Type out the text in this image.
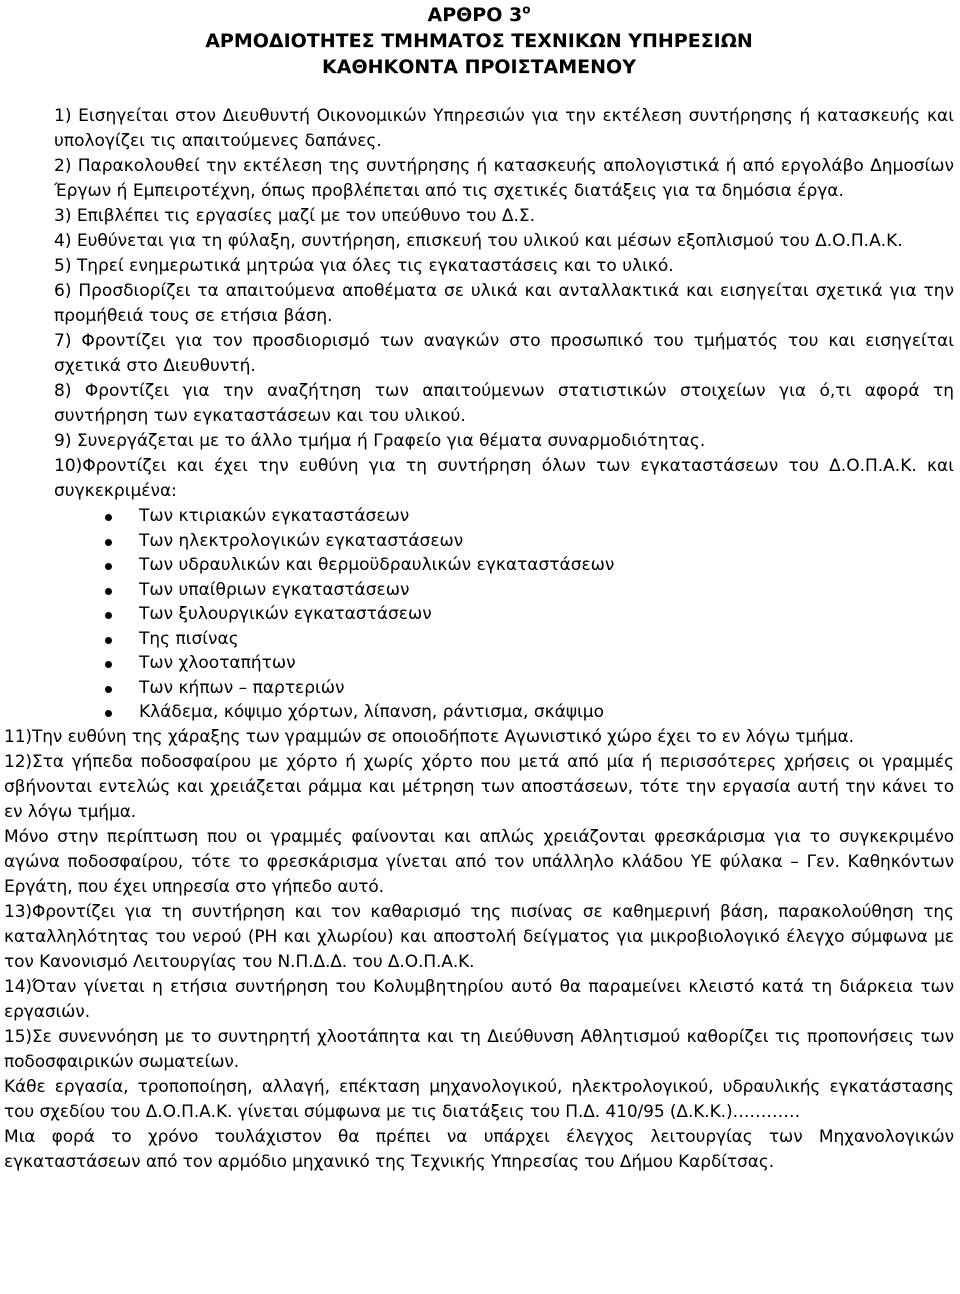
ΑΡΘΡΟ $3^o$
ΑΡΜΟΔΙΟΤΗΤΕΣ ΤΜΗΜΑΤΟΣ ΤΕΧΝΙΚΩΝ ΥΠΗΡΕΣΙΩΝ
ΚΑΘΗΚΟΝΤΑ ΠΡΟΙΣΤΑΜΕΝΟΥ
1) Εισηγείται στον Διευθυντή Οικονομικών Υπηρεσιών για την εκτέλεση συντήρησης ή κατασκευής και υπολογίζει τις απαιτούμενες δαπάνες.
2) Παρακολουθεί την εκτέλεση της συντήρησης ή κατασκευής απολογιστικά ή από εργολάβο Δημοσίων Έργων ή Εμπειροτέχνη, όπως προβλέπεται από τις σχετικές διατάξεις για τα δημόσια έργα.
3) Επιβλέπει τις εργασίες μαζί με τον υπεύθυνο του Δ.Σ.
4) Ευθύνεται για τη φύλαξη, συντήρηση, επισκευή του υλικού και μέσων εξοπλισμού του Δ.Ο.Π.Α.Κ.
5) Τηρεί ενημερωτικά μητρώα για όλες τις εγκαταστάσεις και το υλικό.
6) Προσδιορίζει τα απαιτούμενα αποθέματα σε υλικά και ανταλλακτικά και εισηγείται σχετικά για την προμήθειά τους σε ετήσια βάση.
7) Φροντίζει για τον προσδιορισμό των αναγκών στο προσωπικό του τμήματός του και εισηγείται σχετικά στο Διευθυντή.
8) Φροντίζει για την αναζήτηση των απαιτούμενων στατιστικών στοιχείων για ό,τι αφορά τη συντήρηση των εγκαταστάσεων και του υλικού.
9) Συνεργάζεται με το άλλο τμήμα ή Γραφείο για θέματα συναρμοδιότητας.
10)Φροντίζει και έχει την ευθύνη για τη συντήρηση όλων των εγκαταστάσεων του Δ.Ο.Π.Α.Κ. και συγκεκριμένα:
Των κτιριακών εγκαταστάσεων
Των ηλεκτρολογικών εγκαταστάσεων
Των υδραυλικών και θερμοϋδραυλικών εγκαταστάσεων
Των υπαίθριων εγκαταστάσεων
Των ξυλουργικών εγκαταστάσεων
Της πισίνας
Των χλοοταπήτων
Των κήπων – παρτεριών
Κλάδεμα, κόψιμο χόρτων, λίπανση, ράντισμα, σκάψιμο
11)Την ευθύνη της χάραξης των γραμμών σε οποιοδήποτε Αγωνιστικό χώρο έχει το εν λόγω τμήμα.
12)Στα γήπεδα ποδοσφαίρου με χόρτο ή χωρίς χόρτο που μετά από μία ή περισσότερες χρήσεις οι γραμμές σβήνονται εντελώς και χρειάζεται ράμμα και μέτρηση των αποστάσεων, τότε την εργασία αυτή την κάνει το εν λόγω τμήμα.
Μόνο στην περίπτωση που οι γραμμές φαίνονται και απλώς χρειάζονται φρεσκάρισμα για το συγκεκριμένο αγώνα ποδοσφαίρου, τότε το φρεσκάρισμα γίνεται από τον υπάλληλο κλάδου ΥΕ φύλακα – Γεν. Καθηκόντων Εργάτη, που έχει υπηρεσία στο γήπεδο αυτό.
13)Φροντίζει για τη συντήρηση και τον καθαρισμό της πισίνας σε καθημερινή βάση, παρακολούθηση της καταλληλότητας του νερού (PH και χλωρίου) και αποστολή δείγματος για μικροβιολογικό έλεγχο σύμφωνα με τον Κανονισμό Λειτουργίας του Ν.Π.Δ.Δ. του Δ.Ο.Π.Α.Κ.
14)Όταν γίνεται η ετήσια συντήρηση του Κολυμβητηρίου αυτό θα παραμείνει κλειστό κατά τη διάρκεια των εργασιών.
15)Σε συνεννόηση με το συντηρητή χλοοτάπητα και τη Διεύθυνση Αθλητισμού καθορίζει τις προπονήσεις των ποδοσφαιρικών σωματείων.
Κάθε εργασία, τροποποίηση, αλλαγή, επέκταση μηχανολογικού, ηλεκτρολογικού, υδραυλικής εγκατάστασης του σχεδίου του Δ.Ο.Π.Α.Κ. γίνεται σύμφωνα με τις διατάξεις του Π.Δ. 410/95 (Δ.Κ.Κ.)…………
Μια φορά το χρόνο τουλάχιστον θα πρέπει να υπάρχει έλεγχος λειτουργίας των Μηχανολογικών εγκαταστάσεων από τον αρμόδιο μηχανικό της Τεχνικής Υπηρεσίας του Δήμου Καρδίτσας.
